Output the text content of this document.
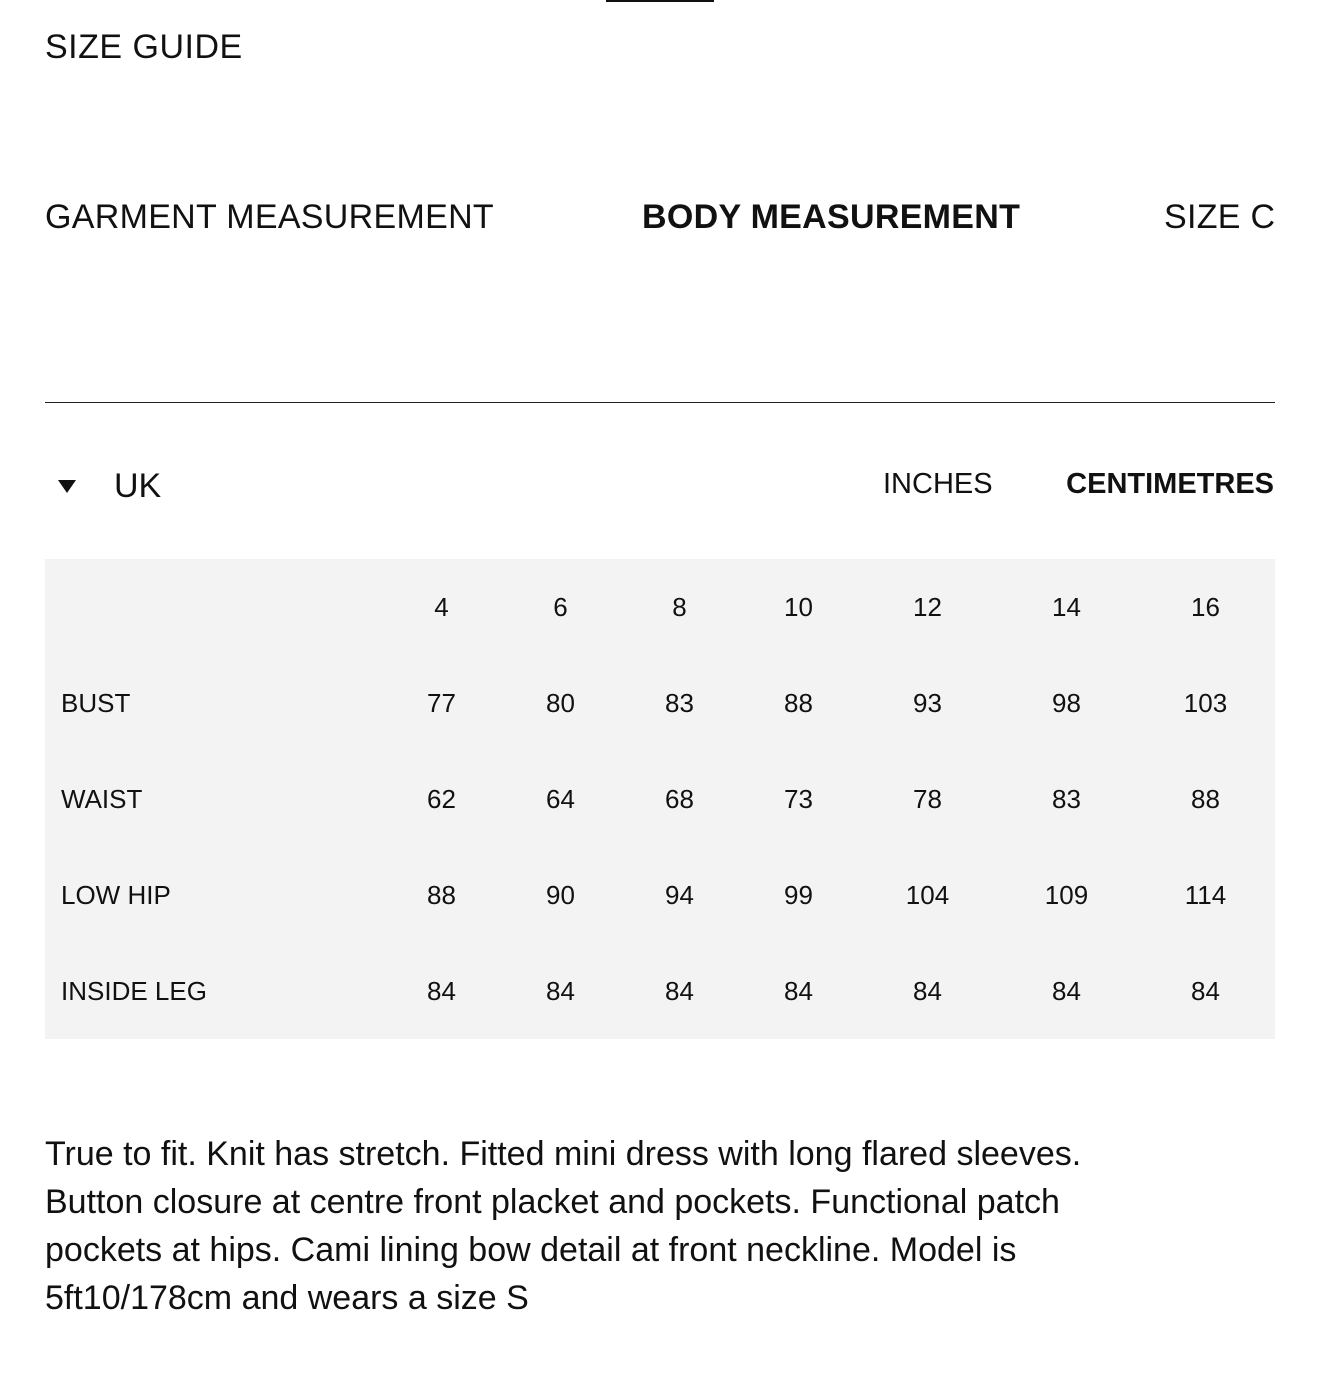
SIZE GUIDE
GARMENT MEASUREMENT	BODY MEASUREMENT	SIZE C
UK	INCHES	CENTIMETRES
	4	6	8	10	12	14	16
BUST	77	80	83	88	93	98	103
WAIST	62	64	68	73	78	83	88
LOW HIP	88	90	94	99	104	109	114
INSIDE LEG	84	84	84	84	84	84	84

True to fit. Knit has stretch. Fitted mini dress with long flared sleeves. Button closure at centre front placket and pockets. Functional patch pockets at hips. Cami lining bow detail at front neckline. Model is 5ft10/178cm and wears a size S
